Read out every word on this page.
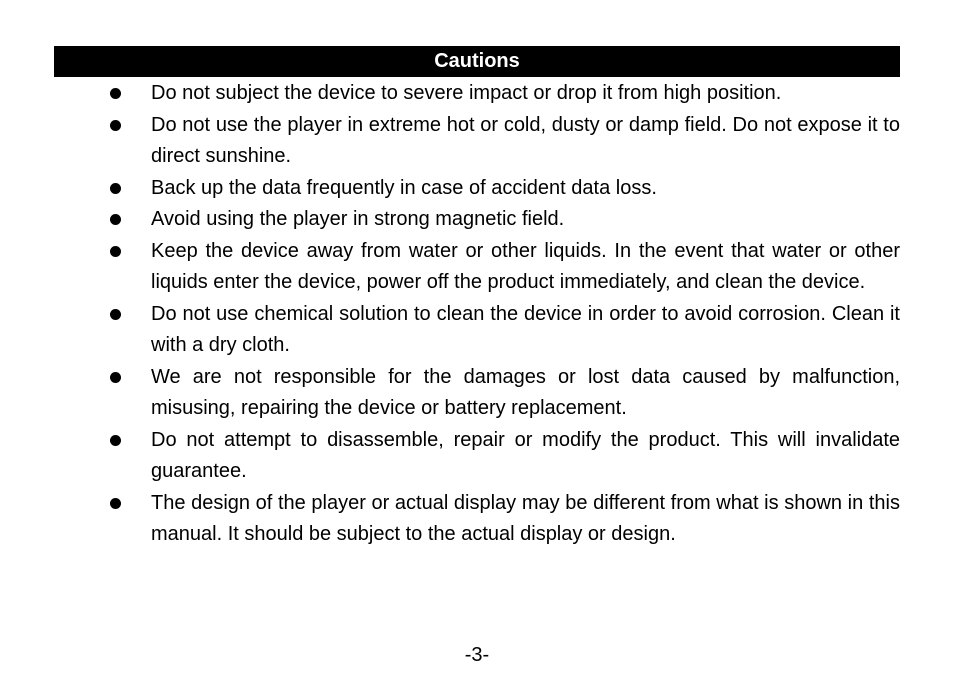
Cautions
Do not subject the device to severe impact or drop it from high position.
Do not use the player in extreme hot or cold, dusty or damp field. Do not expose it to direct sunshine.
Back up the data frequently in case of accident data loss.
Avoid using the player in strong magnetic field.
Keep the device away from water or other liquids. In the event that water or other liquids enter the device, power off the product immediately, and clean the device.
Do not use chemical solution to clean the device in order to avoid corrosion. Clean it with a dry cloth.
We are not responsible for the damages or lost data caused by malfunction, misusing, repairing the device or battery replacement.
Do not attempt to disassemble, repair or modify the product. This will invalidate guarantee.
The design of the player or actual display may be different from what is shown in this manual. It should be subject to the actual display or design.
-3-
